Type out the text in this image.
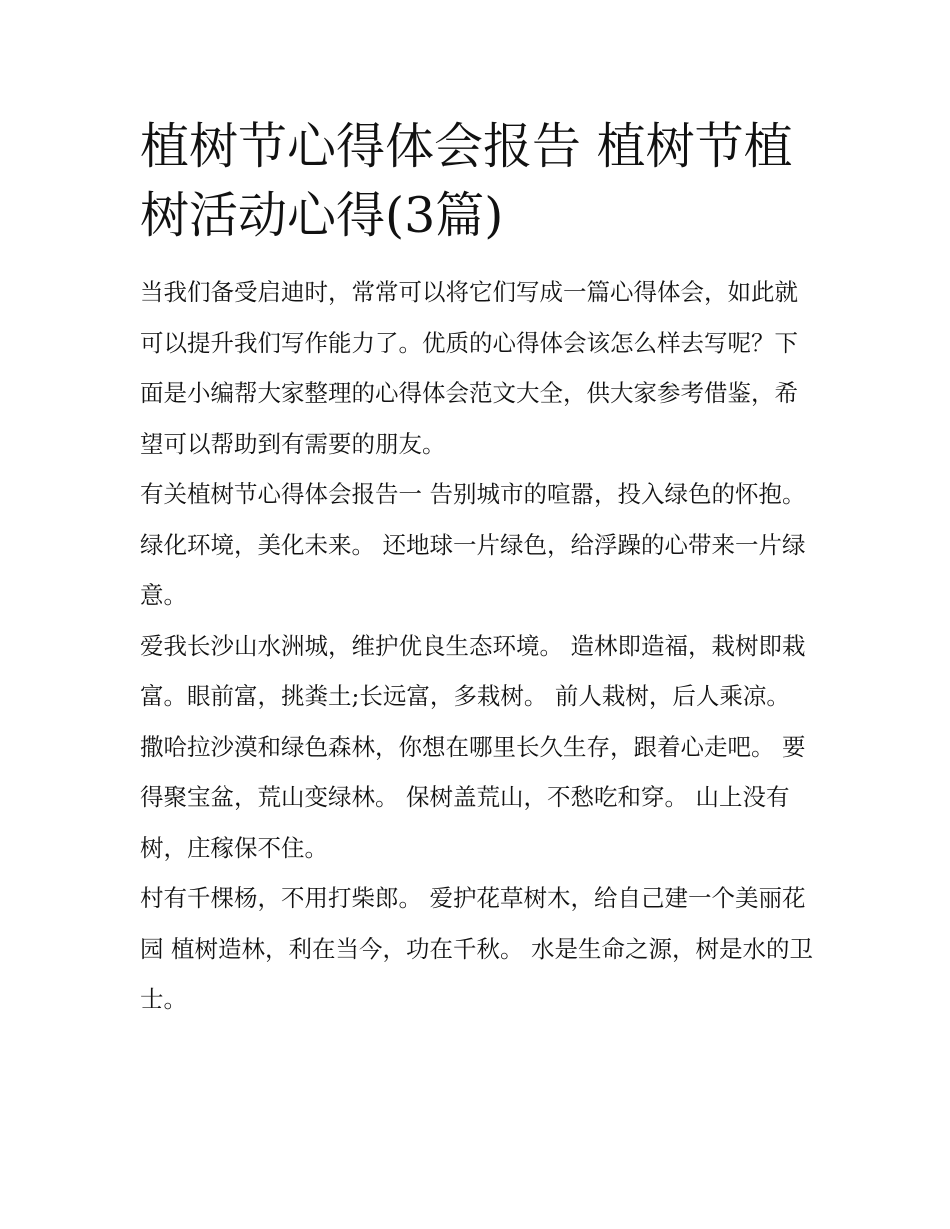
植树节心得体会报告 植树节植树活动心得(3篇)

当我们备受启迪时，常常可以将它们写成一篇心得体会，如此就可以提升我们写作能力了。优质的心得体会该怎么样去写呢？下面是小编帮大家整理的心得体会范文大全，供大家参考借鉴，希望可以帮助到有需要的朋友。

有关植树节心得体会报告一 告别城市的喧嚣，投入绿色的怀抱。 绿化环境，美化未来。 还地球一片绿色，给浮躁的心带来一片绿意。

爱我长沙山水洲城，维护优良生态环境。 造林即造福，栽树即栽富。眼前富，挑粪土;长远富，多栽树。 前人栽树，后人乘凉。

撒哈拉沙漠和绿色森林，你想在哪里长久生存，跟着心走吧。 要得聚宝盆，荒山变绿林。 保树盖荒山，不愁吃和穿。 山上没有树，庄稼保不住。

村有千棵杨，不用打柴郎。 爱护花草树木，给自己建一个美丽花园 植树造林，利在当今，功在千秋。 水是生命之源，树是水的卫士。
